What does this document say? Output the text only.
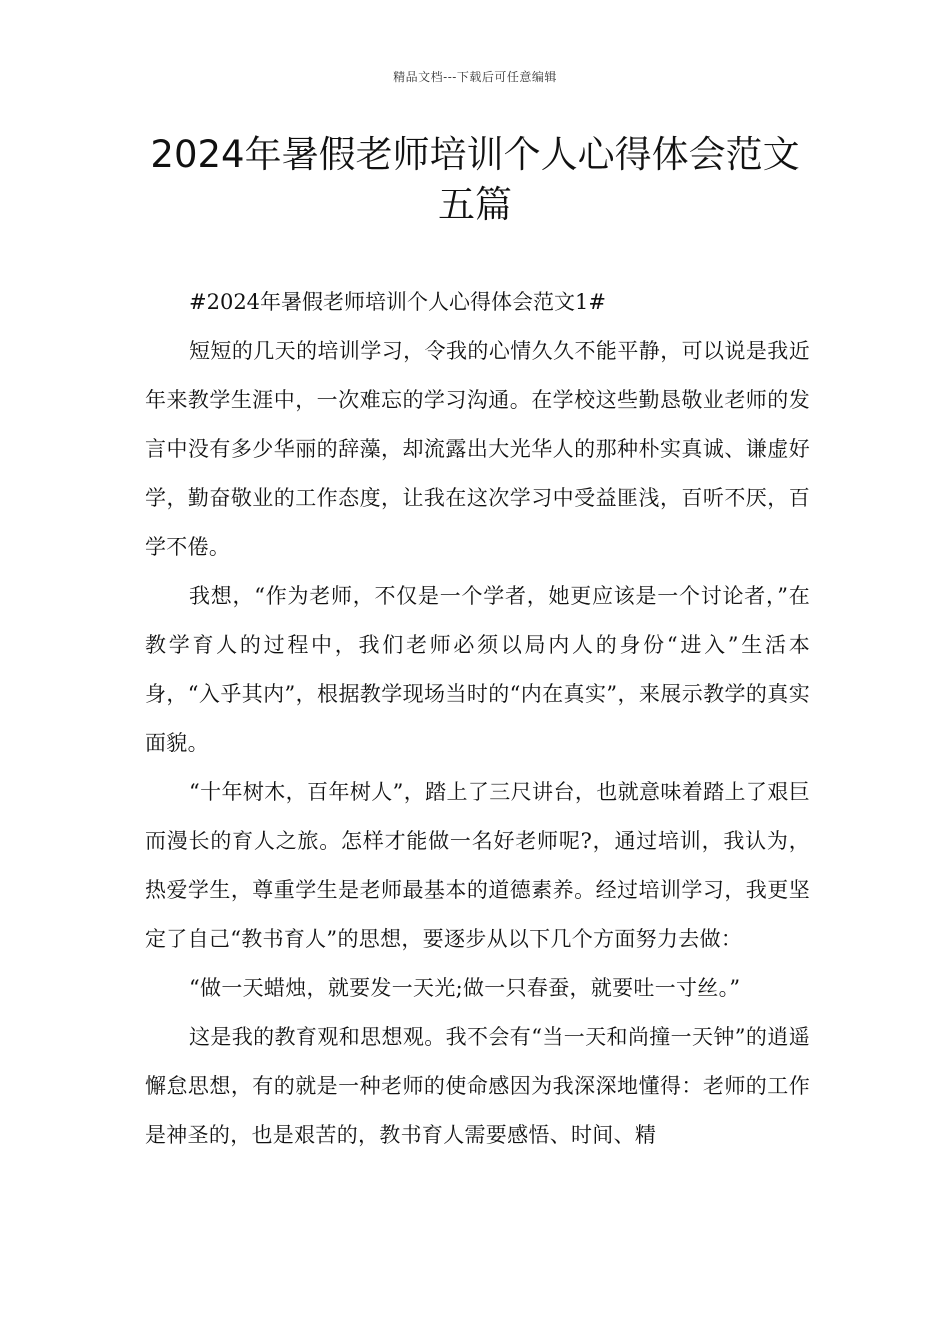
精品文档---下载后可任意编辑
2024年暑假老师培训个人心得体会范文
五篇

#2024年暑假老师培训个人心得体会范文1#

短短的几天的培训学习，令我的心情久久不能平静，可以说是我近年来教学生涯中，一次难忘的学习沟通。在学校这些勤恳敬业老师的发言中没有多少华丽的辞藻，却流露出大光华人的那种朴实真诚、谦虚好学，勤奋敬业的工作态度，让我在这次学习中受益匪浅，百听不厌，百学不倦。

我想，“作为老师，不仅是一个学者，她更应该是一个讨论者，”在教学育人的过程中，我们老师必须以局内人的身份“进入”生活本身，“入乎其内”，根据教学现场当时的“内在真实”，来展示教学的真实面貌。

“十年树木，百年树人”，踏上了三尺讲台，也就意味着踏上了艰巨而漫长的育人之旅。怎样才能做一名好老师呢?，通过培训，我认为，热爱学生，尊重学生是老师最基本的道德素养。经过培训学习，我更坚定了自己“教书育人”的思想，要逐步从以下几个方面努力去做：

“做一天蜡烛，就要发一天光;做一只春蚕，就要吐一寸丝。”

这是我的教育观和思想观。我不会有“当一天和尚撞一天钟”的逍遥懈怠思想，有的就是一种老师的使命感因为我深深地懂得：老师的工作是神圣的，也是艰苦的，教书育人需要感悟、时间、精
